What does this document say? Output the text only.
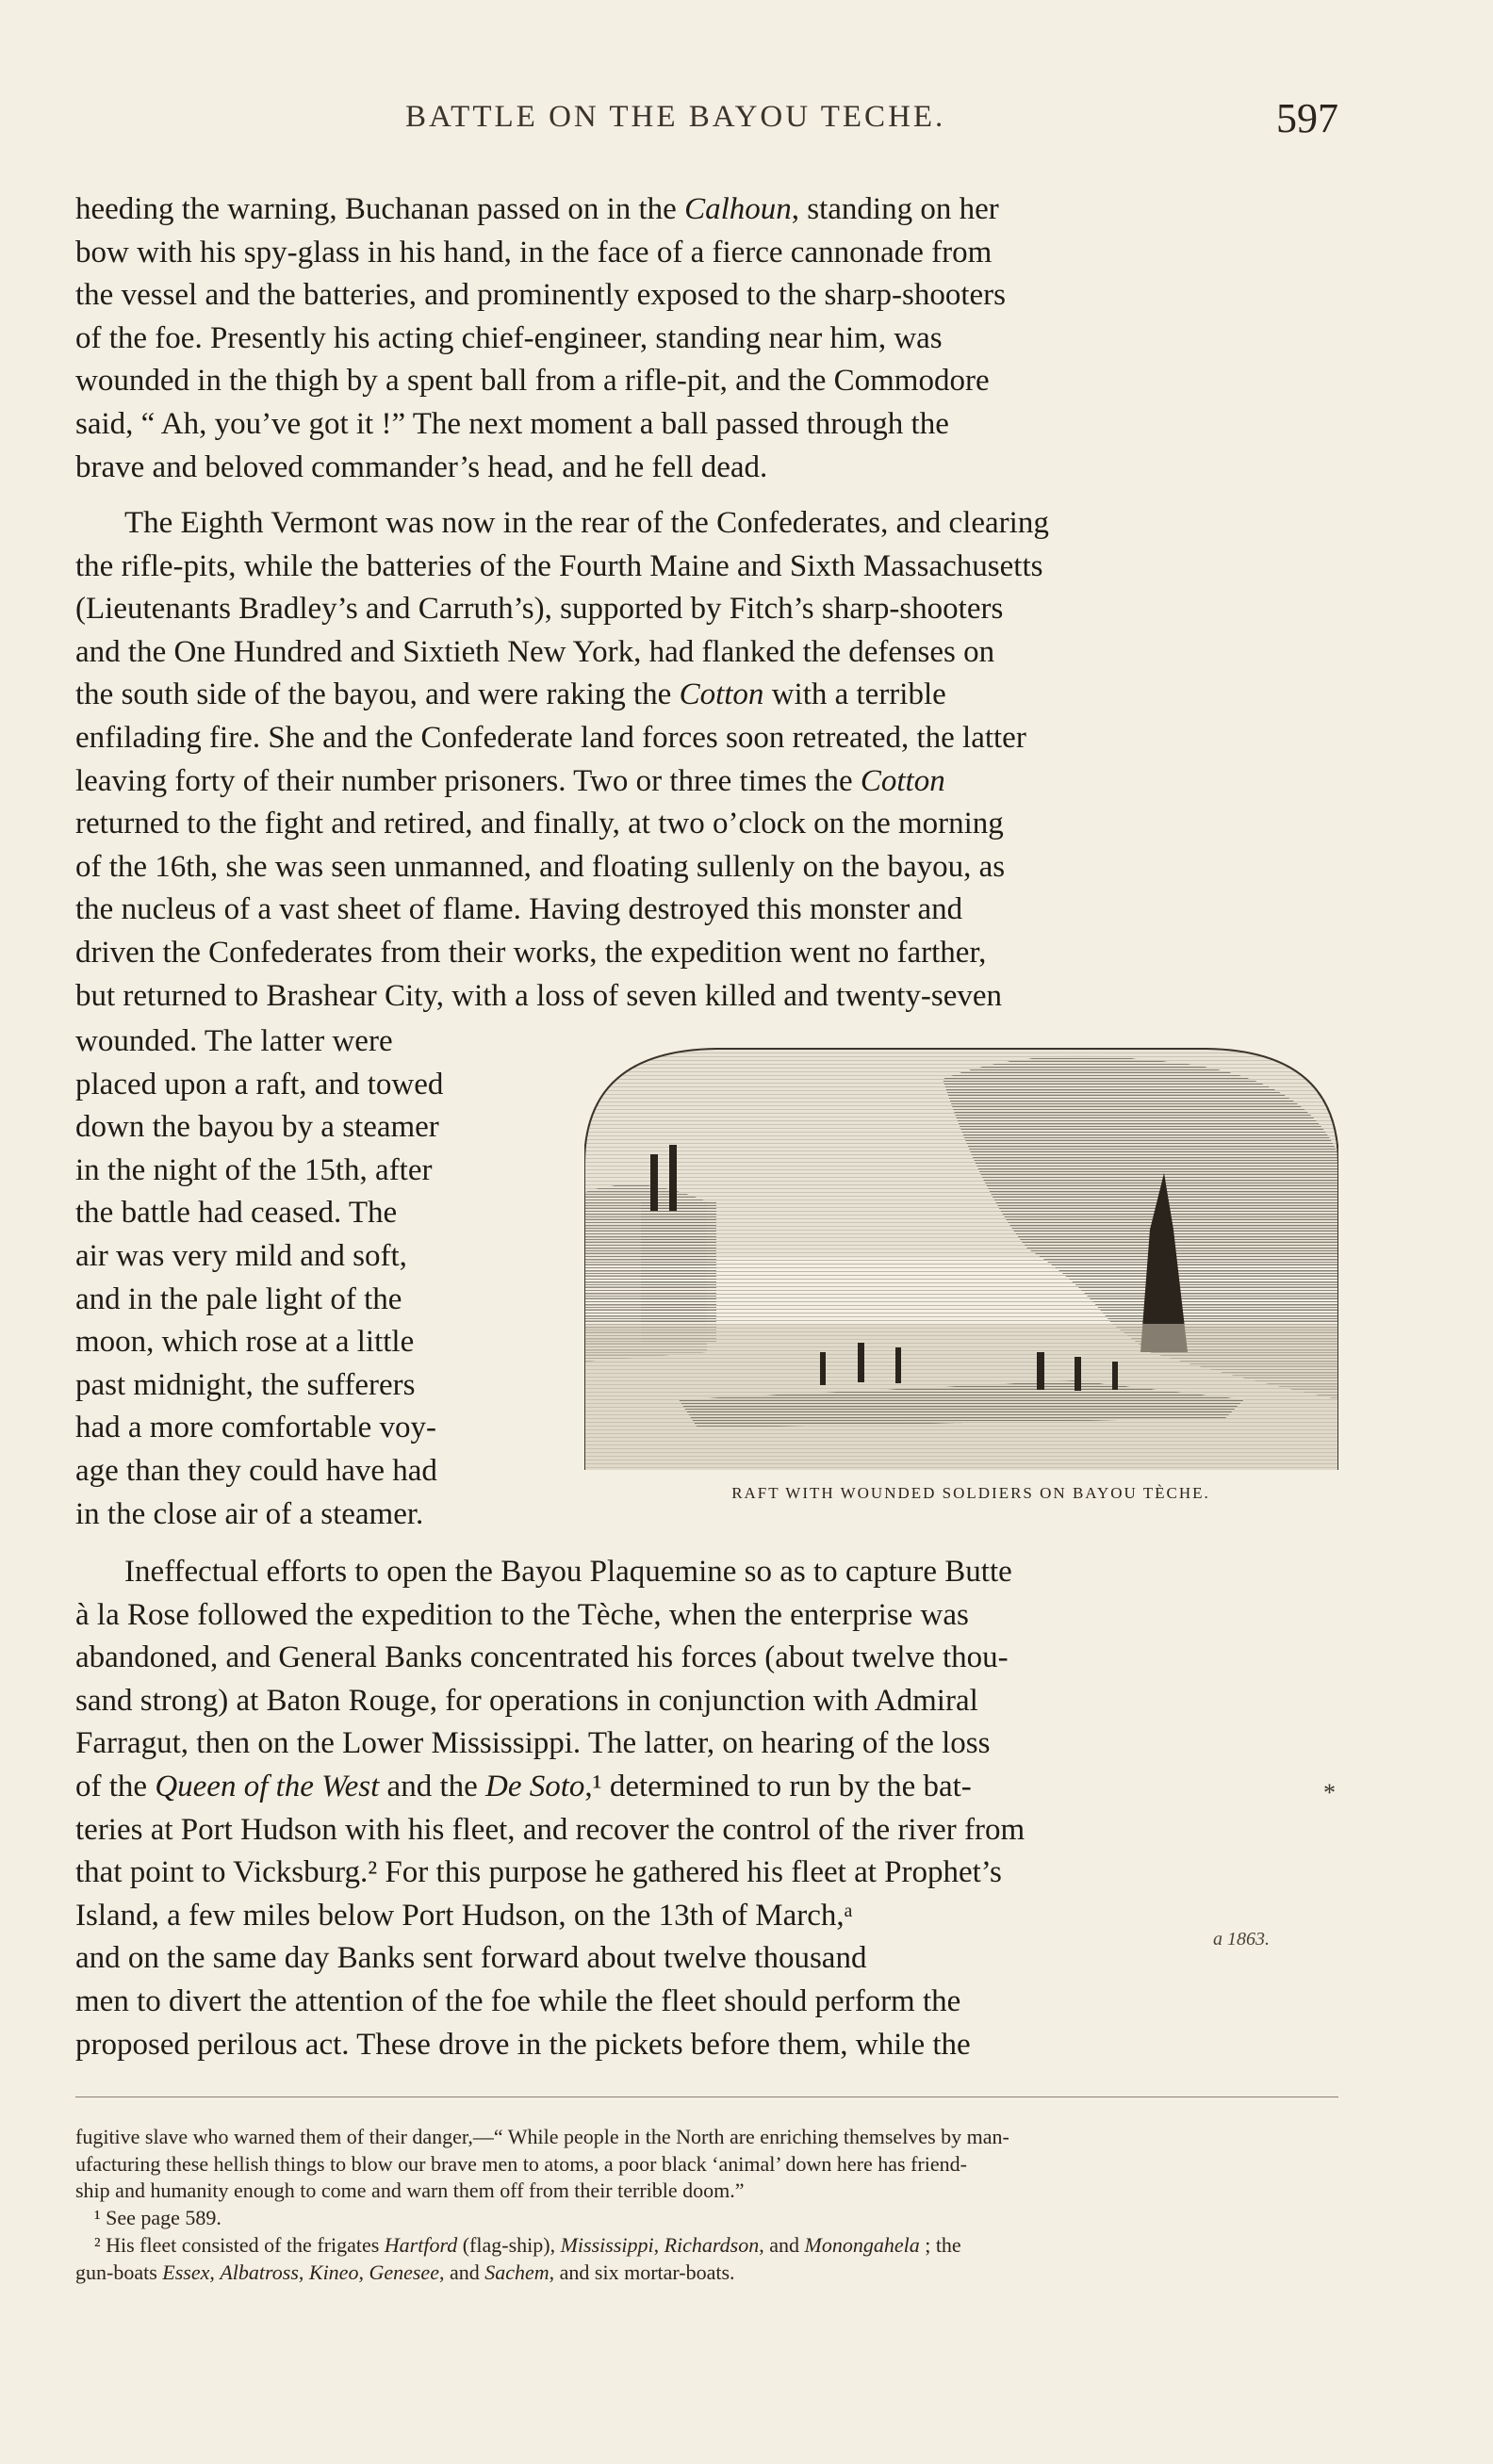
BATTLE ON THE BAYOU TECHE.	597

heeding the warning, Buchanan passed on in the Calhoun, standing on her
bow with his spy-glass in his hand, in the face of a fierce cannonade from
the vessel and the batteries, and prominently exposed to the sharp-shooters
of the foe. Presently his acting chief-engineer, standing near him, was
wounded in the thigh by a spent ball from a rifle-pit, and the Commodore
said, “ Ah, you’ve got it !” The next moment a ball passed through the
brave and beloved commander’s head, and he fell dead.

The Eighth Vermont was now in the rear of the Confederates, and clearing
the rifle-pits, while the batteries of the Fourth Maine and Sixth Massachusetts
(Lieutenants Bradley’s and Carruth’s), supported by Fitch’s sharp-shooters
and the One Hundred and Sixtieth New York, had flanked the defenses on
the south side of the bayou, and were raking the Cotton with a terrible
enfilading fire. She and the Confederate land forces soon retreated, the latter
leaving forty of their number prisoners. Two or three times the Cotton
returned to the fight and retired, and finally, at two o’clock on the morning
of the 16th, she was seen unmanned, and floating sullenly on the bayou, as
the nucleus of a vast sheet of flame. Having destroyed this monster and
driven the Confederates from their works, the expedition went no farther,
but returned to Brashear City, with a loss of seven killed and twenty-seven

wounded. The latter were
placed upon a raft, and towed
down the bayou by a steamer
in the night of the 15th, after
the battle had ceased. The
air was very mild and soft,
and in the pale light of the
moon, which rose at a little
past midnight, the sufferers
had a more comfortable voy-
age than they could have had
in the close air of a steamer.

RAFT WITH WOUNDED SOLDIERS ON BAYOU TÈCHE.

Ineffectual efforts to open the Bayou Plaquemine so as to capture Butte
à la Rose followed the expedition to the Tèche, when the enterprise was
abandoned, and General Banks concentrated his forces (about twelve thou-
sand strong) at Baton Rouge, for operations in conjunction with Admiral
Farragut, then on the Lower Mississippi. The latter, on hearing of the loss
of the Queen of the West and the De Soto,¹ determined to run by the bat-
teries at Port Hudson with his fleet, and recover the control of the river from
that point to Vicksburg.² For this purpose he gathered his fleet at Prophet’s
Island, a few miles below Port Hudson, on the 13th of March,ᵃ
and on the same day Banks sent forward about twelve thousand
men to divert the attention of the foe while the fleet should perform the
proposed perilous act. These drove in the pickets before them, while the

*
a 1863.
fugitive slave who warned them of their danger,—“ While people in the North are enriching themselves by man-
ufacturing these hellish things to blow our brave men to atoms, a poor black ‘animal’ down here has friend-
ship and humanity enough to come and warn them off from their terrible doom.”
¹ See page 589.
² His fleet consisted of the frigates Hartford (flag-ship), Mississippi, Richardson, and Monongahela ; the
gun-boats Essex, Albatross, Kineo, Genesee, and Sachem, and six mortar-boats.
